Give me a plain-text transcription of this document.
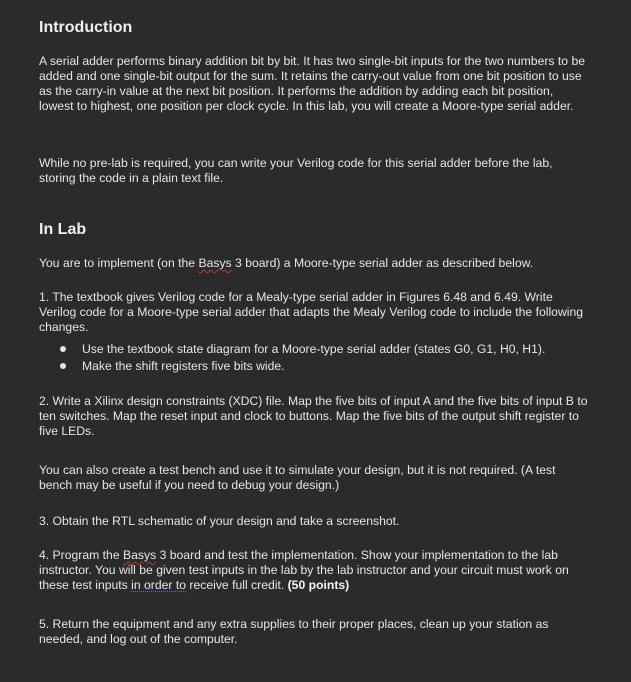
Introduction

A serial adder performs binary addition bit by bit. It has two single-bit inputs for the two numbers to be added and one single-bit output for the sum. It retains the carry-out value from one bit position to use as the carry-in value at the next bit position. It performs the addition by adding each bit position, lowest to highest, one position per clock cycle. In this lab, you will create a Moore-type serial adder.

While no pre-lab is required, you can write your Verilog code for this serial adder before the lab, storing the code in a plain text file.

In Lab

You are to implement (on the Basys 3 board) a Moore-type serial adder as described below.

1. The textbook gives Verilog code for a Mealy-type serial adder in Figures 6.48 and 6.49. Write Verilog code for a Moore-type serial adder that adapts the Mealy Verilog code to include the following changes.

Use the textbook state diagram for a Moore-type serial adder (states G0, G1, H0, H1).
Make the shift registers five bits wide.

2. Write a Xilinx design constraints (XDC) file. Map the five bits of input A and the five bits of input B to ten switches. Map the reset input and clock to buttons. Map the five bits of the output shift register to five LEDs.

You can also create a test bench and use it to simulate your design, but it is not required. (A test bench may be useful if you need to debug your design.)

3. Obtain the RTL schematic of your design and take a screenshot.

4. Program the Basys 3 board and test the implementation. Show your implementation to the lab instructor. You will be given test inputs in the lab by the lab instructor and your circuit must work on these test inputs in order to receive full credit. (50 points)

5. Return the equipment and any extra supplies to their proper places, clean up your station as needed, and log out of the computer.
